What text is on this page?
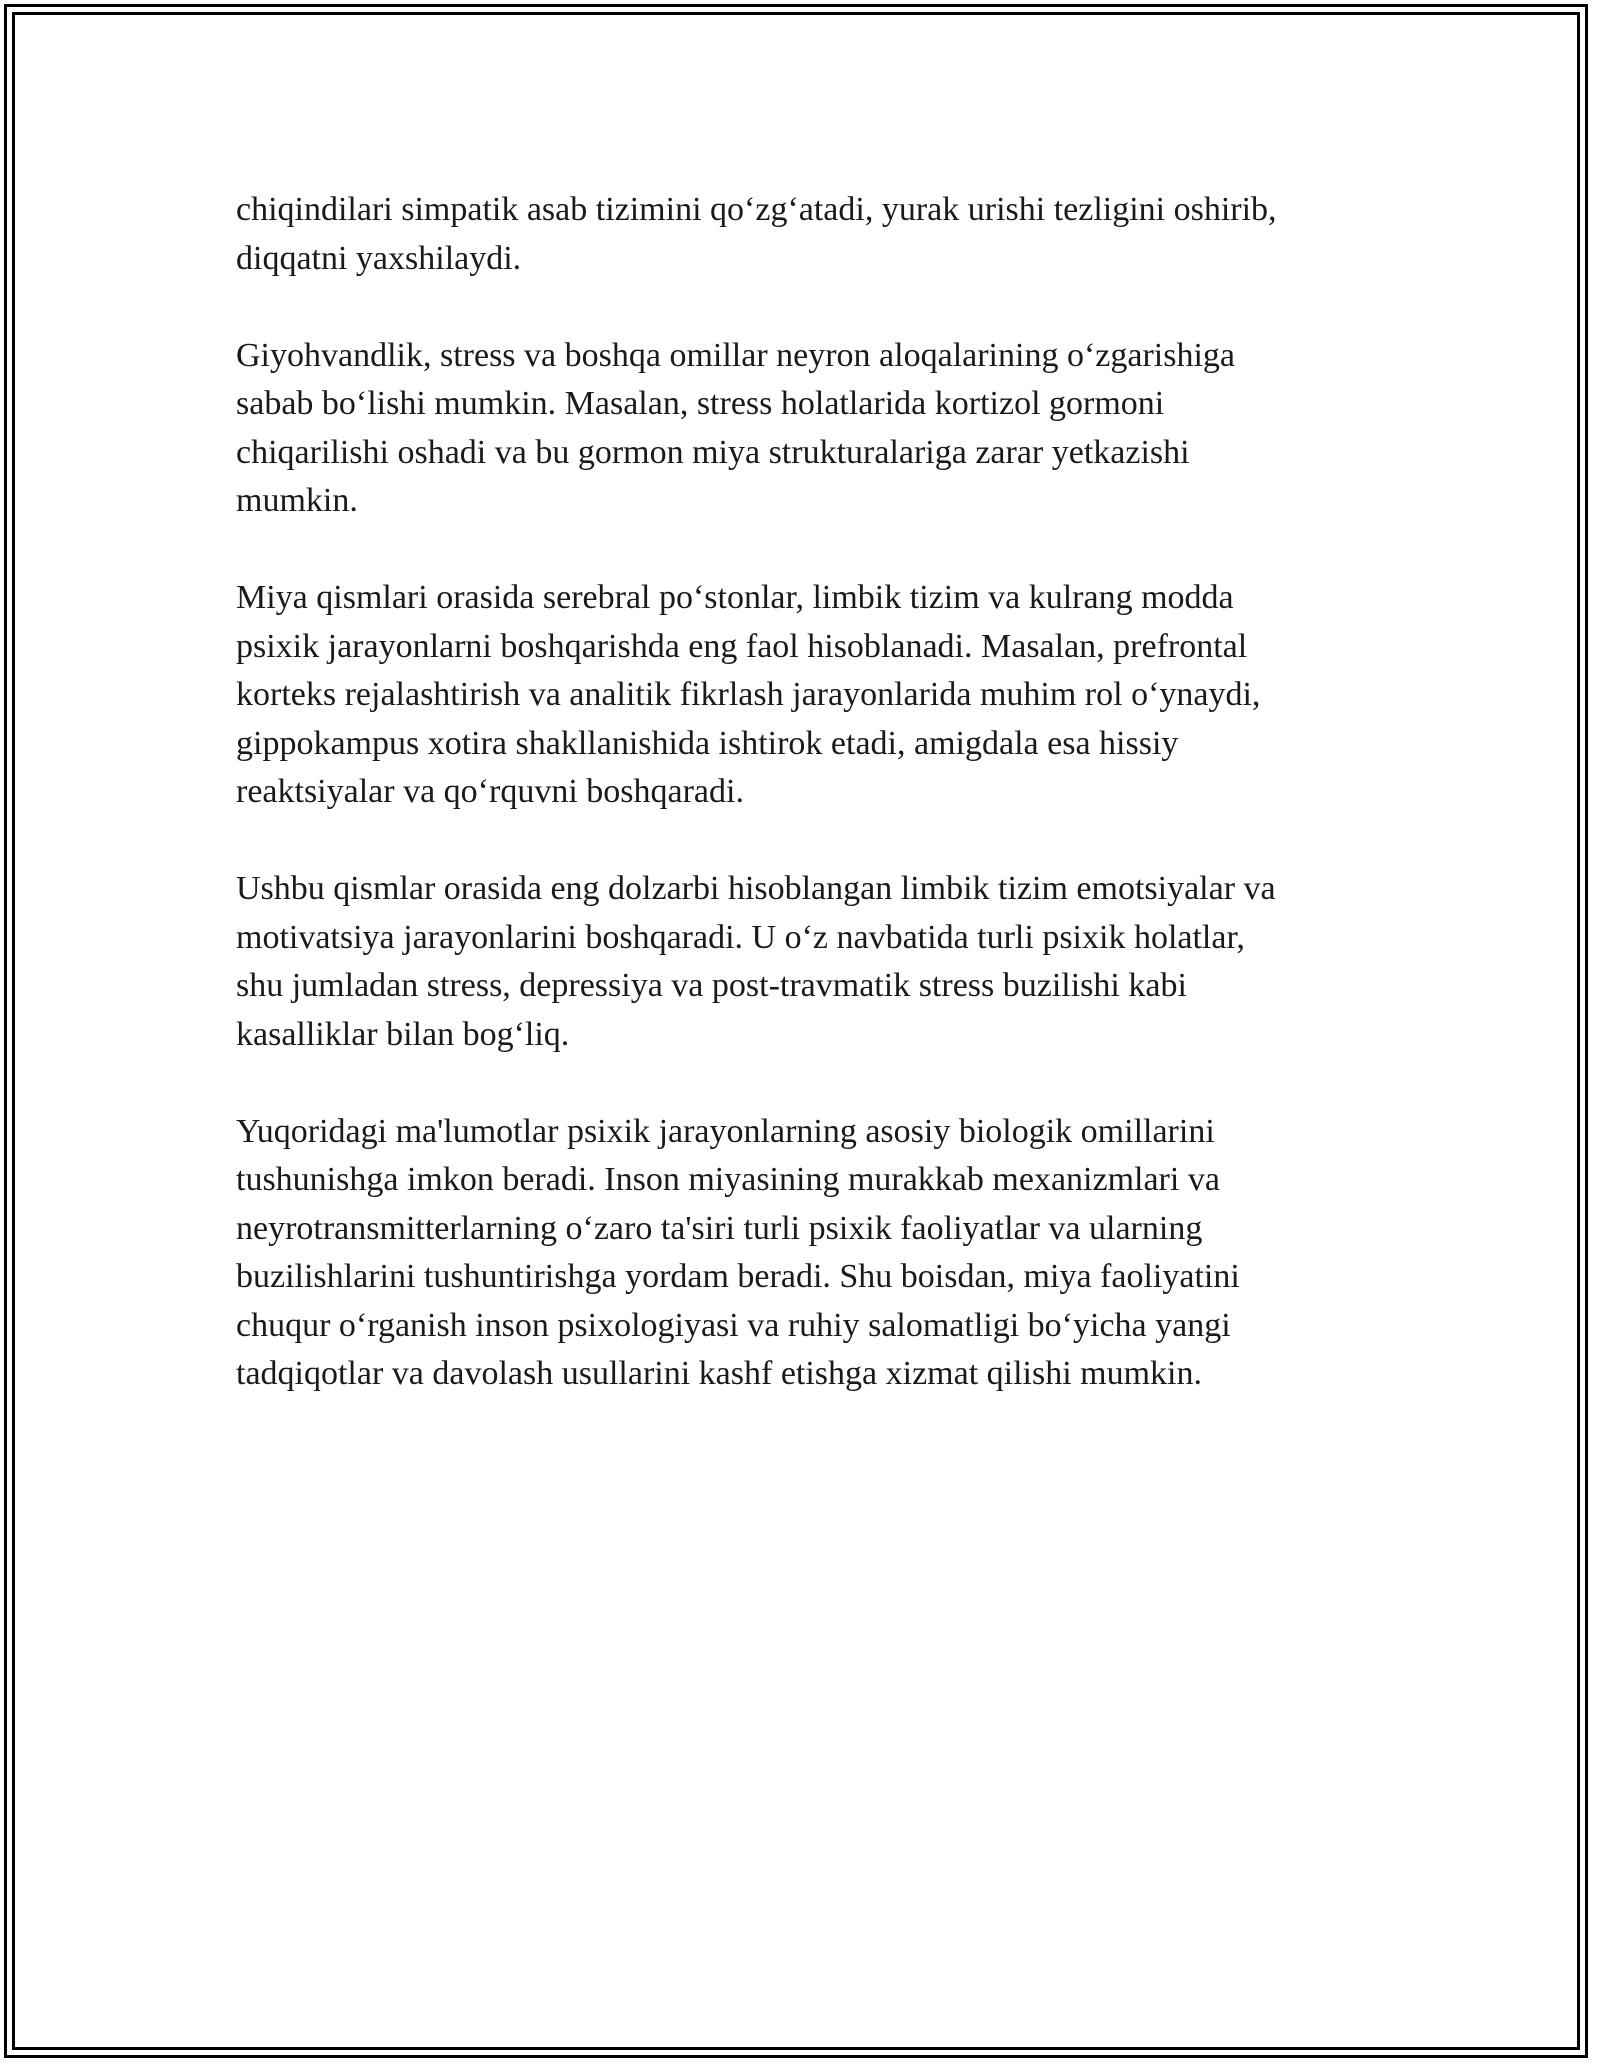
chiqindilari simpatik asab tizimini qo‘zg‘atadi, yurak urishi tezligini oshirib,
diqqatni yaxshilaydi.

Giyohvandlik, stress va boshqa omillar neyron aloqalarining o‘zgarishiga
sabab bo‘lishi mumkin. Masalan, stress holatlarida kortizol gormoni
chiqarilishi oshadi va bu gormon miya strukturalariga zarar yetkazishi
mumkin.

Miya qismlari orasida serebral po‘stonlar, limbik tizim va kulrang modda
psixik jarayonlarni boshqarishda eng faol hisoblanadi. Masalan, prefrontal
korteks rejalashtirish va analitik fikrlash jarayonlarida muhim rol o‘ynaydi,
gippokampus xotira shakllanishida ishtirok etadi, amigdala esa hissiy
reaktsiyalar va qo‘rquvni boshqaradi.

Ushbu qismlar orasida eng dolzarbi hisoblangan limbik tizim emotsiyalar va
motivatsiya jarayonlarini boshqaradi. U o‘z navbatida turli psixik holatlar,
shu jumladan stress, depressiya va post-travmatik stress buzilishi kabi
kasalliklar bilan bog‘liq.

Yuqoridagi ma'lumotlar psixik jarayonlarning asosiy biologik omillarini
tushunishga imkon beradi. Inson miyasining murakkab mexanizmlari va
neyrotransmitterlarning o‘zaro ta'siri turli psixik faoliyatlar va ularning
buzilishlarini tushuntirishga yordam beradi. Shu boisdan, miya faoliyatini
chuqur o‘rganish inson psixologiyasi va ruhiy salomatligi bo‘yicha yangi
tadqiqotlar va davolash usullarini kashf etishga xizmat qilishi mumkin.
